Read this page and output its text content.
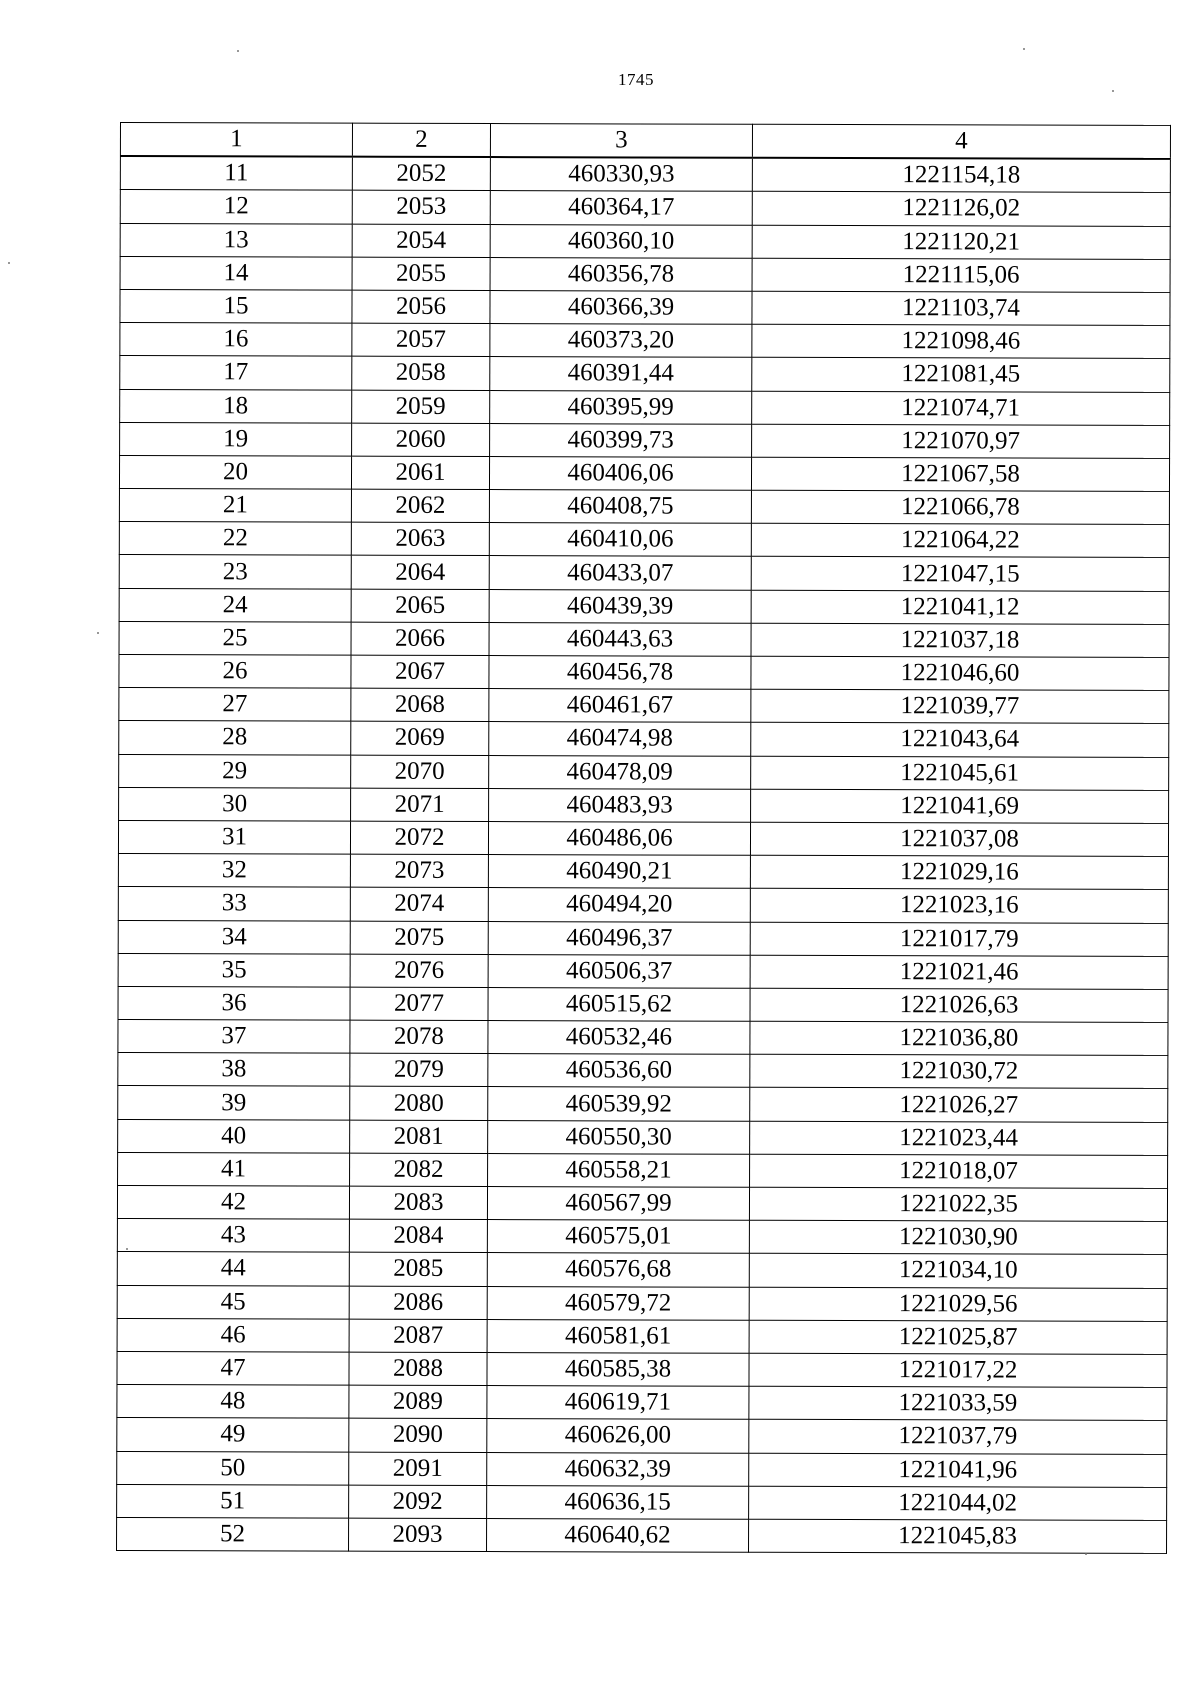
1745
1	2	3	4
11	2052	460330,93	1221154,18
12	2053	460364,17	1221126,02
13	2054	460360,10	1221120,21
14	2055	460356,78	1221115,06
15	2056	460366,39	1221103,74
16	2057	460373,20	1221098,46
17	2058	460391,44	1221081,45
18	2059	460395,99	1221074,71
19	2060	460399,73	1221070,97
20	2061	460406,06	1221067,58
21	2062	460408,75	1221066,78
22	2063	460410,06	1221064,22
23	2064	460433,07	1221047,15
24	2065	460439,39	1221041,12
25	2066	460443,63	1221037,18
26	2067	460456,78	1221046,60
27	2068	460461,67	1221039,77
28	2069	460474,98	1221043,64
29	2070	460478,09	1221045,61
30	2071	460483,93	1221041,69
31	2072	460486,06	1221037,08
32	2073	460490,21	1221029,16
33	2074	460494,20	1221023,16
34	2075	460496,37	1221017,79
35	2076	460506,37	1221021,46
36	2077	460515,62	1221026,63
37	2078	460532,46	1221036,80
38	2079	460536,60	1221030,72
39	2080	460539,92	1221026,27
40	2081	460550,30	1221023,44
41	2082	460558,21	1221018,07
42	2083	460567,99	1221022,35
43	2084	460575,01	1221030,90
44	2085	460576,68	1221034,10
45	2086	460579,72	1221029,56
46	2087	460581,61	1221025,87
47	2088	460585,38	1221017,22
48	2089	460619,71	1221033,59
49	2090	460626,00	1221037,79
50	2091	460632,39	1221041,96
51	2092	460636,15	1221044,02
52	2093	460640,62	1221045,83
